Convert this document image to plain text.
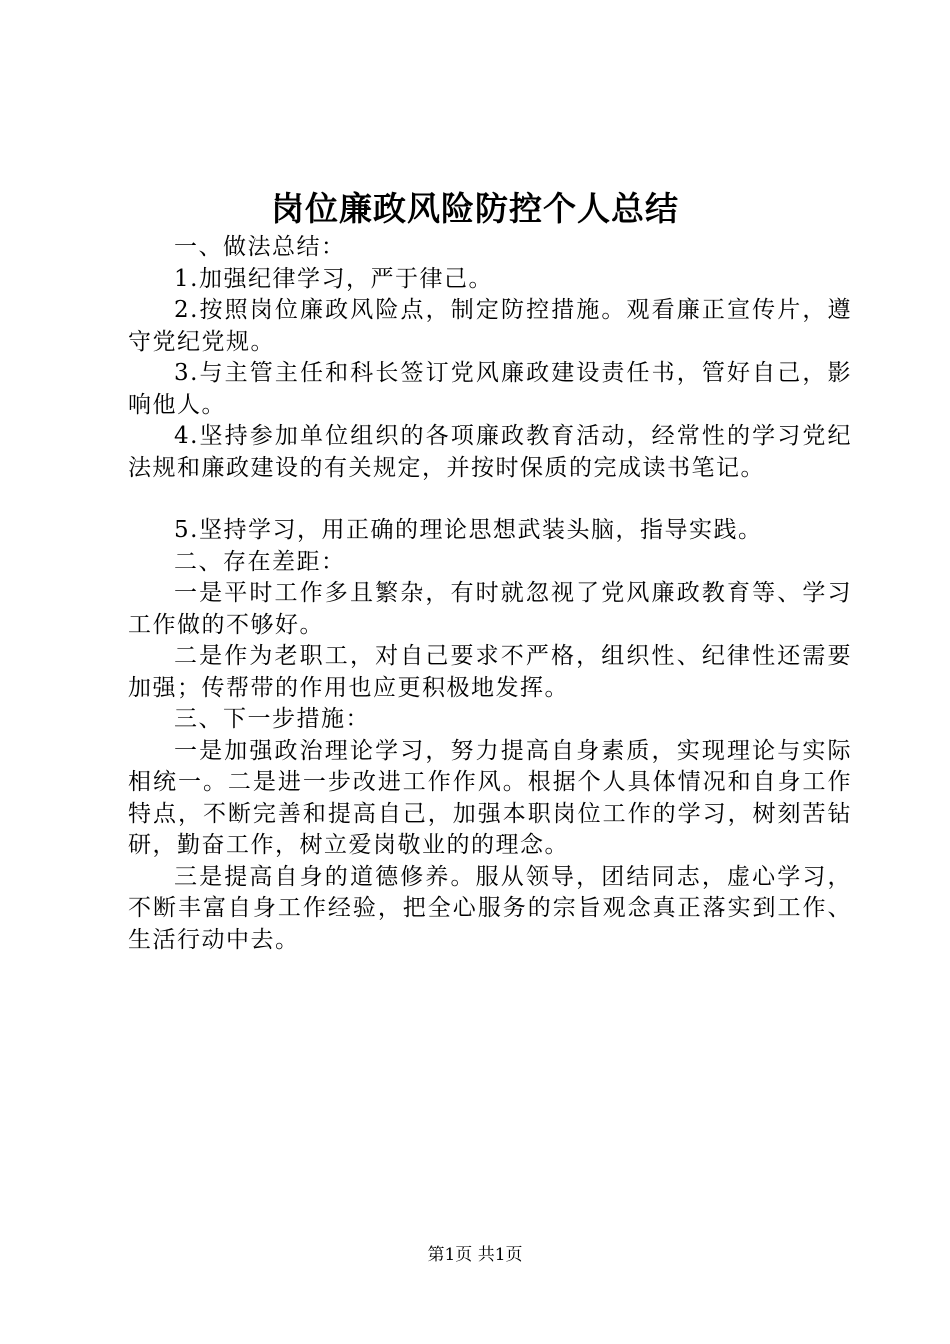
岗位廉政风险防控个人总结

一、做法总结：

1.加强纪律学习，严于律己。

2.按照岗位廉政风险点，制定防控措施。观看廉正宣传片，遵守党纪党规。

3.与主管主任和科长签订党风廉政建设责任书，管好自己，影响他人。

4.坚持参加单位组织的各项廉政教育活动，经常性的学习党纪法规和廉政建设的有关规定，并按时保质的完成读书笔记。

5.坚持学习，用正确的理论思想武装头脑，指导实践。

二、存在差距：

一是平时工作多且繁杂，有时就忽视了党风廉政教育等、学习工作做的不够好。

二是作为老职工，对自己要求不严格，组织性、纪律性还需要加强；传帮带的作用也应更积极地发挥。

三、下一步措施：

一是加强政治理论学习，努力提高自身素质，实现理论与实际相统一。二是进一步改进工作作风。根据个人具体情况和自身工作特点，不断完善和提高自己，加强本职岗位工作的学习，树刻苦钻研，勤奋工作，树立爱岗敬业的的理念。

三是提高自身的道德修养。服从领导，团结同志，虚心学习，不断丰富自身工作经验，把全心服务的宗旨观念真正落实到工作、生活行动中去。

第1页 共1页
